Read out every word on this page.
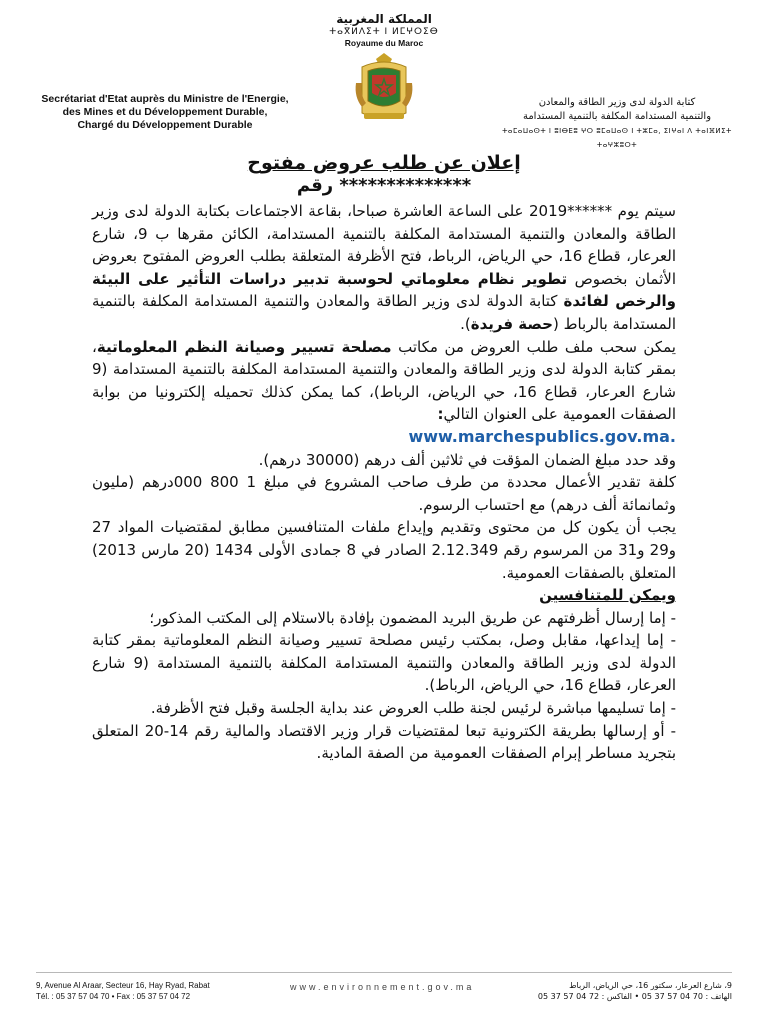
المملكة المغربية
ⵜⴰⴳⵍⴷⵉⵜ ⵏ ⵍⵎⵖⵔⵉⴱ
Royaume du Maroc
Secrétariat d'Etat auprès du Ministre de l'Energie,
des Mines et du Développement Durable,
Chargé du Développement Durable
كتابة الدولة لدى وزير الطاقة والمعادن
والتنمية المستدامة المكلفة بالتنمية المستدامة
ⵜⴰⵎⴰⵡⴰⵙⵜ ⵏ ⵓⵏⴱⴹⵓ ⵖⵔ ⵓⵎⴰⵡⴰⵙ ⵏ ⵜⵣⵎⴰ, ⵉⵏⵖⴰⵏ ⴷ ⵜⴰⵏⴼⵍⵉⵜ ⵜⴰⵖⵣⵓⵔⵜ
إعلان عن طلب عروض مفتوح
رقم **************

سيتم يوم ******2019 على الساعة العاشرة صباحا، بقاعة الاجتماعات بكتابة الدولة لدى وزير الطاقة والمعادن والتنمية المستدامة المكلفة بالتنمية المستدامة، الكائن مقرها ب 9، شارع العرعار، قطاع 16، حي الرياض، الرباط، فتح الأظرفة المتعلقة بطلب العروض المفتوح بعروض الأثمان بخصوص تطوير نظام معلوماتي لحوسبة تدبير دراسات التأثير على البيئة والرخص لفائدة كتابة الدولة لدى وزير الطاقة والمعادن والتنمية المستدامة المكلفة بالتنمية المستدامة بالرباط (حصة فريدة).

يمكن سحب ملف طلب العروض من مكاتب مصلحة تسيير وصيانة النظم المعلوماتية، بمقر كتابة الدولة لدى وزير الطاقة والمعادن والتنمية المستدامة المكلفة بالتنمية المستدامة (9 شارع العرعار، قطاع 16، حي الرياض، الرباط)، كما يمكن كذلك تحميله إلكترونيا من بوابة الصفقات العمومية على العنوان التالي:

www.marchespublics.gov.ma.

وقد حدد مبلغ الضمان المؤقت في ثلاثين ألف درهم (30000 درهم).

كلفة تقدير الأعمال محددة من طرف صاحب المشروع في مبلغ 1 800 000درهم (مليون وثمانمائة ألف درهم) مع احتساب الرسوم.

يجب أن يكون كل من محتوى وتقديم وإيداع ملفات المتنافسين مطابق لمقتضيات المواد 27 و29 و31 من المرسوم رقم 2.12.349 الصادر في 8 جمادى الأولى 1434 (20 مارس 2013) المتعلق بالصفقات العمومية.

ويمكن للمتنافسين

- إما إرسال أظرفتهم عن طريق البريد المضمون بإفادة بالاستلام إلى المكتب المذكور؛

- إما إيداعها، مقابل وصل، بمكتب رئيس مصلحة تسيير وصيانة النظم المعلوماتية بمقر كتابة الدولة لدى وزير الطاقة والمعادن والتنمية المستدامة المكلفة بالتنمية المستدامة (9 شارع العرعار، قطاع 16، حي الرياض، الرباط).

- إما تسليمها مباشرة لرئيس لجنة طلب العروض عند بداية الجلسة وقبل فتح الأظرفة.

- أو إرسالها بطريقة الكترونية تبعا لمقتضيات قرار وزير الاقتصاد والمالية رقم 14-20 المتعلق بتجريد مساطر إبرام الصفقات العمومية من الصفة المادية.

9, Avenue Al Araar, Secteur 16, Hay Ryad, Rabat
Tél. : 05 37 57 04 70 • Fax : 05 37 57 04 72
www.environnement.gov.ma	9، شارع العرعار، سكتور 16، حي الرياض، الرباط
الهاتف : 70 04 57 37 05 • الفاكس : 72 04 57 37 05
